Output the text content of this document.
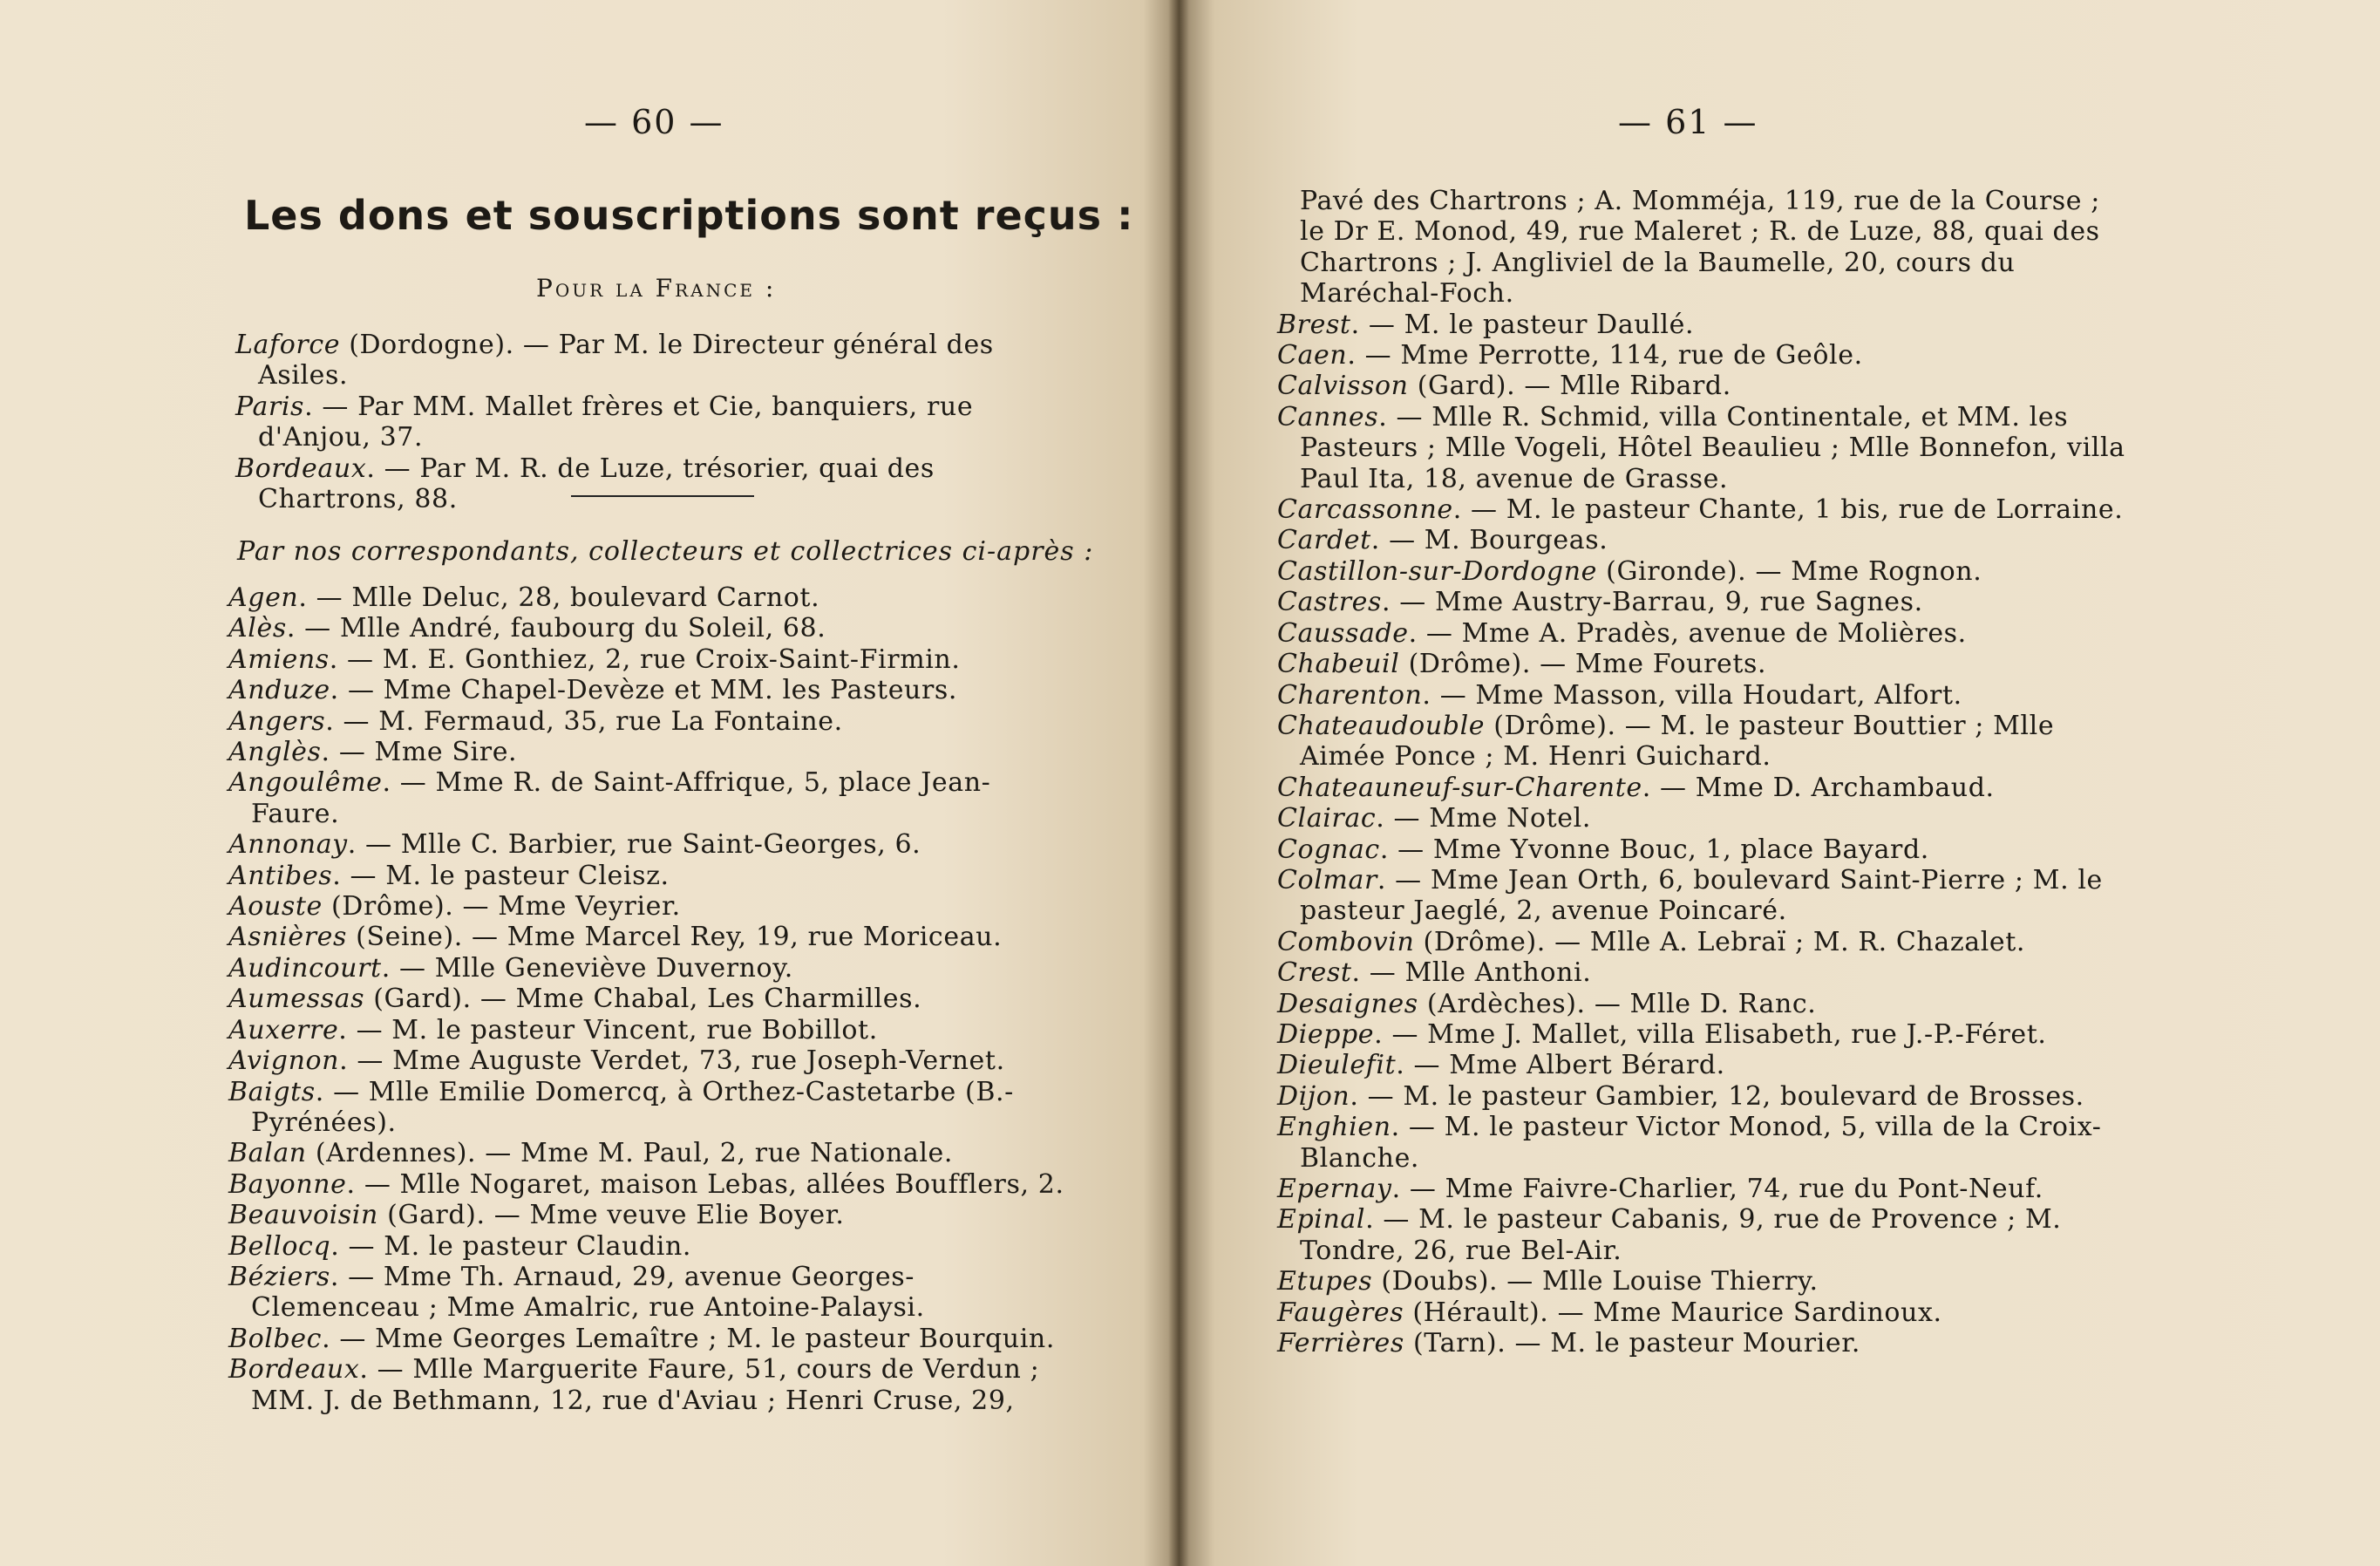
— 60 —
Les dons et souscriptions sont reçus :
Pour la France :
Laforce (Dordogne). — Par M. le Directeur général des Asiles.
Paris. — Par MM. Mallet frères et Cie, banquiers, rue d'Anjou, 37.
Bordeaux. — Par M. R. de Luze, trésorier, quai des Chartrons, 88.
Par nos correspondants, collecteurs et collectrices ci-après :
Agen. — Mlle Deluc, 28, boulevard Carnot.
Alès. — Mlle André, faubourg du Soleil, 68.
Amiens. — M. E. Gonthiez, 2, rue Croix-Saint-Firmin.
Anduze. — Mme Chapel-Devèze et MM. les Pasteurs.
Angers. — M. Fermaud, 35, rue La Fontaine.
Anglès. — Mme Sire.
Angoulême. — Mme R. de Saint-Affrique, 5, place Jean-Faure.
Annonay. — Mlle C. Barbier, rue Saint-Georges, 6.
Antibes. — M. le pasteur Cleisz.
Aouste (Drôme). — Mme Veyrier.
Asnières (Seine). — Mme Marcel Rey, 19, rue Moriceau.
Audincourt. — Mlle Geneviève Duvernoy.
Aumessas (Gard). — Mme Chabal, Les Charmilles.
Auxerre. — M. le pasteur Vincent, rue Bobillot.
Avignon. — Mme Auguste Verdet, 73, rue Joseph-Vernet.
Baigts. — Mlle Emilie Domercq, à Orthez-Castetarbe (B.-Pyrénées).
Balan (Ardennes). — Mme M. Paul, 2, rue Nationale.
Bayonne. — Mlle Nogaret, maison Lebas, allées Boufflers, 2.
Beauvoisin (Gard). — Mme veuve Elie Boyer.
Bellocq. — M. le pasteur Claudin.
Béziers. — Mme Th. Arnaud, 29, avenue Georges-Clemenceau ; Mme Amalric, rue Antoine-Palaysi.
Bolbec. — Mme Georges Lemaître ; M. le pasteur Bourquin.
Bordeaux. — Mlle Marguerite Faure, 51, cours de Verdun ; MM. J. de Bethmann, 12, rue d'Aviau ; Henri Cruse, 29,
— 61 —
Pavé des Chartrons ; A. Momméja, 119, rue de la Course ; le Dr E. Monod, 49, rue Maleret ; R. de Luze, 88, quai des Chartrons ; J. Angliviel de la Baumelle, 20, cours du Maréchal-Foch.
Brest. — M. le pasteur Daullé.
Caen. — Mme Perrotte, 114, rue de Geôle.
Calvisson (Gard). — Mlle Ribard.
Cannes. — Mlle R. Schmid, villa Continentale, et MM. les Pasteurs ; Mlle Vogeli, Hôtel Beaulieu ; Mlle Bonnefon, villa Paul Ita, 18, avenue de Grasse.
Carcassonne. — M. le pasteur Chante, 1 bis, rue de Lorraine.
Cardet. — M. Bourgeas.
Castillon-sur-Dordogne (Gironde). — Mme Rognon.
Castres. — Mme Austry-Barrau, 9, rue Sagnes.
Caussade. — Mme A. Pradès, avenue de Molières.
Chabeuil (Drôme). — Mme Fourets.
Charenton. — Mme Masson, villa Houdart, Alfort.
Chateaudouble (Drôme). — M. le pasteur Bouttier ; Mlle Aimée Ponce ; M. Henri Guichard.
Chateauneuf-sur-Charente. — Mme D. Archambaud.
Clairac. — Mme Notel.
Cognac. — Mme Yvonne Bouc, 1, place Bayard.
Colmar. — Mme Jean Orth, 6, boulevard Saint-Pierre ; M. le pasteur Jaeglé, 2, avenue Poincaré.
Combovin (Drôme). — Mlle A. Lebraï ; M. R. Chazalet.
Crest. — Mlle Anthoni.
Desaignes (Ardèches). — Mlle D. Ranc.
Dieppe. — Mme J. Mallet, villa Elisabeth, rue J.-P.-Féret.
Dieulefit. — Mme Albert Bérard.
Dijon. — M. le pasteur Gambier, 12, boulevard de Brosses.
Enghien. — M. le pasteur Victor Monod, 5, villa de la Croix-Blanche.
Epernay. — Mme Faivre-Charlier, 74, rue du Pont-Neuf.
Epinal. — M. le pasteur Cabanis, 9, rue de Provence ; M. Tondre, 26, rue Bel-Air.
Etupes (Doubs). — Mlle Louise Thierry.
Faugères (Hérault). — Mme Maurice Sardinoux.
Ferrières (Tarn). — M. le pasteur Mourier.
